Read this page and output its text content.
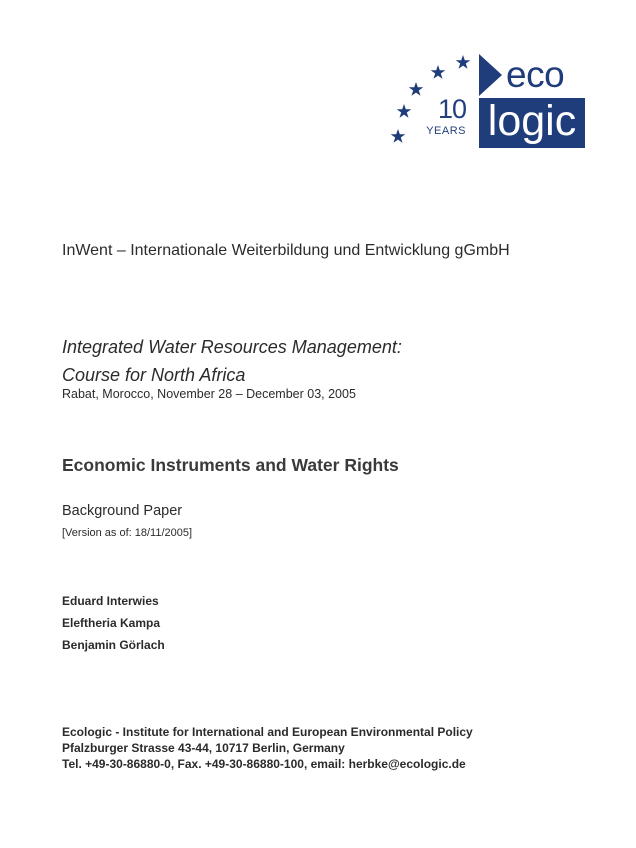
10
YEARS
eco
logic
InWent – Internationale Weiterbildung und Entwicklung gGmbH
Integrated Water Resources Management:
Course for North Africa
Rabat, Morocco, November 28 – December 03, 2005
Economic Instruments and Water Rights
Background Paper
[Version as of: 18/11/2005]
Eduard Interwies
Eleftheria Kampa
Benjamin Görlach
Ecologic - Institute for International and European Environmental Policy
Pfalzburger Strasse 43-44, 10717 Berlin, Germany
Tel. +49-30-86880-0, Fax. +49-30-86880-100, email: herbke@ecologic.de
